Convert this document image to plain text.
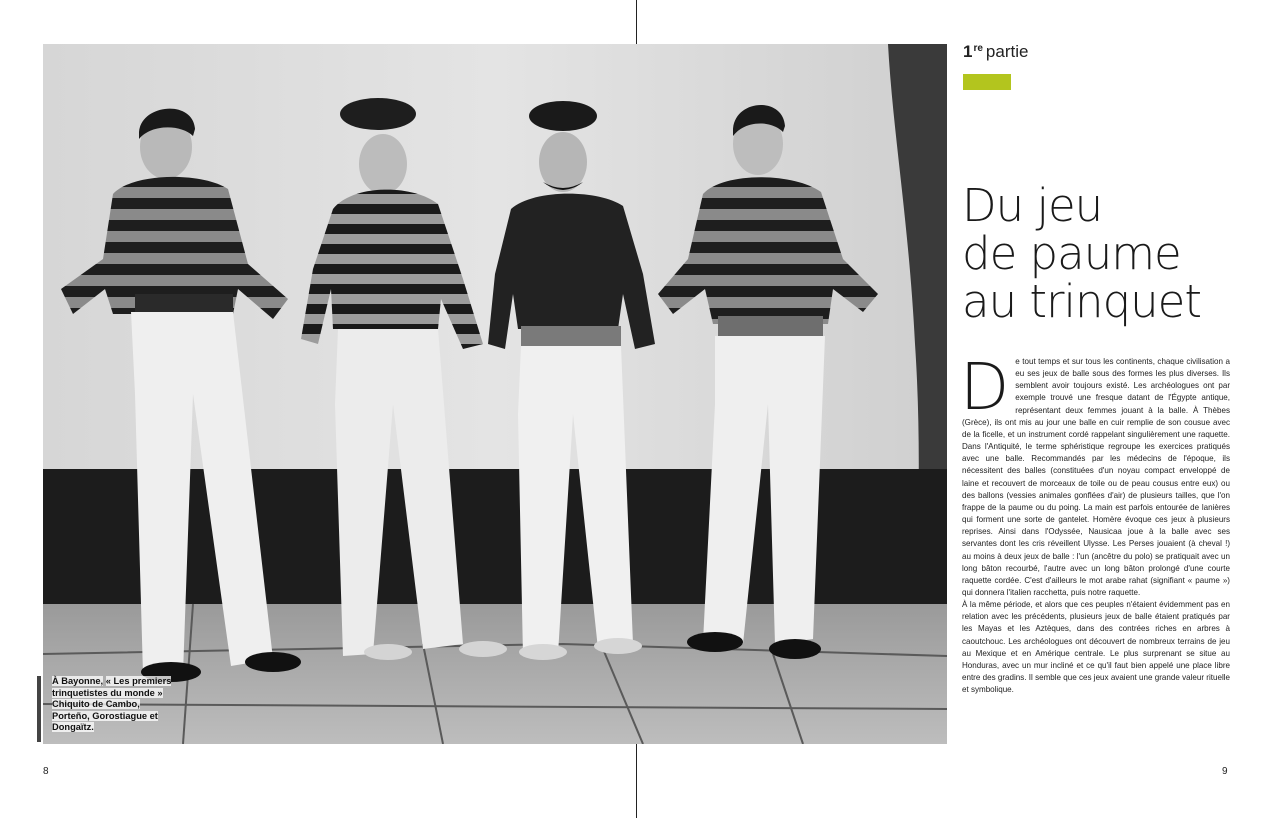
À Bayonne, « Les premiers trinquetistes du monde » Chiquito de Cambo, Porteño, Gorostiague et Dongaïtz.
8	9
1re partie
Du jeu
de paume
au trinquet

De tout temps et sur tous les continents, chaque civilisation a eu ses jeux de balle sous des formes les plus diverses. Ils semblent avoir toujours existé. Les archéologues ont par exemple trouvé une fresque datant de l'Égypte antique, représentant deux femmes jouant à la balle. À Thèbes (Grèce), ils ont mis au jour une balle en cuir remplie de son cousue avec de la ficelle, et un instrument cordé rappelant singulièrement une raquette. Dans l'Antiquité, le terme sphéristique regroupe les exercices pratiqués avec une balle. Recommandés par les médecins de l'époque, ils nécessitent des balles (constituées d'un noyau compact enveloppé de laine et recouvert de morceaux de toile ou de peau cousus entre eux) ou des ballons (vessies animales gonflées d'air) de plusieurs tailles, que l'on frappe de la paume ou du poing. La main est parfois entourée de lanières qui forment une sorte de gantelet. Homère évoque ces jeux à plusieurs reprises. Ainsi dans l'Odyssée, Nausicaa joue à la balle avec ses servantes dont les cris réveillent Ulysse. Les Perses jouaient (à cheval !) au moins à deux jeux de balle : l'un (ancêtre du polo) se pratiquait avec un long bâton recourbé, l'autre avec un long bâton prolongé d'une courte raquette cordée. C'est d'ailleurs le mot arabe rahat (signifiant « paume ») qui donnera l'italien racchetta, puis notre raquette.

À la même période, et alors que ces peuples n'étaient évidemment pas en relation avec les précédents, plusieurs jeux de balle étaient pratiqués par les Mayas et les Aztèques, dans des contrées riches en arbres à caoutchouc. Les archéologues ont découvert de nombreux terrains de jeu au Mexique et en Amérique centrale. Le plus surprenant se situe au Honduras, avec un mur incliné et ce qu'il faut bien appelé une place libre entre des gradins. Il semble que ces jeux avaient une grande valeur rituelle et symbolique.
